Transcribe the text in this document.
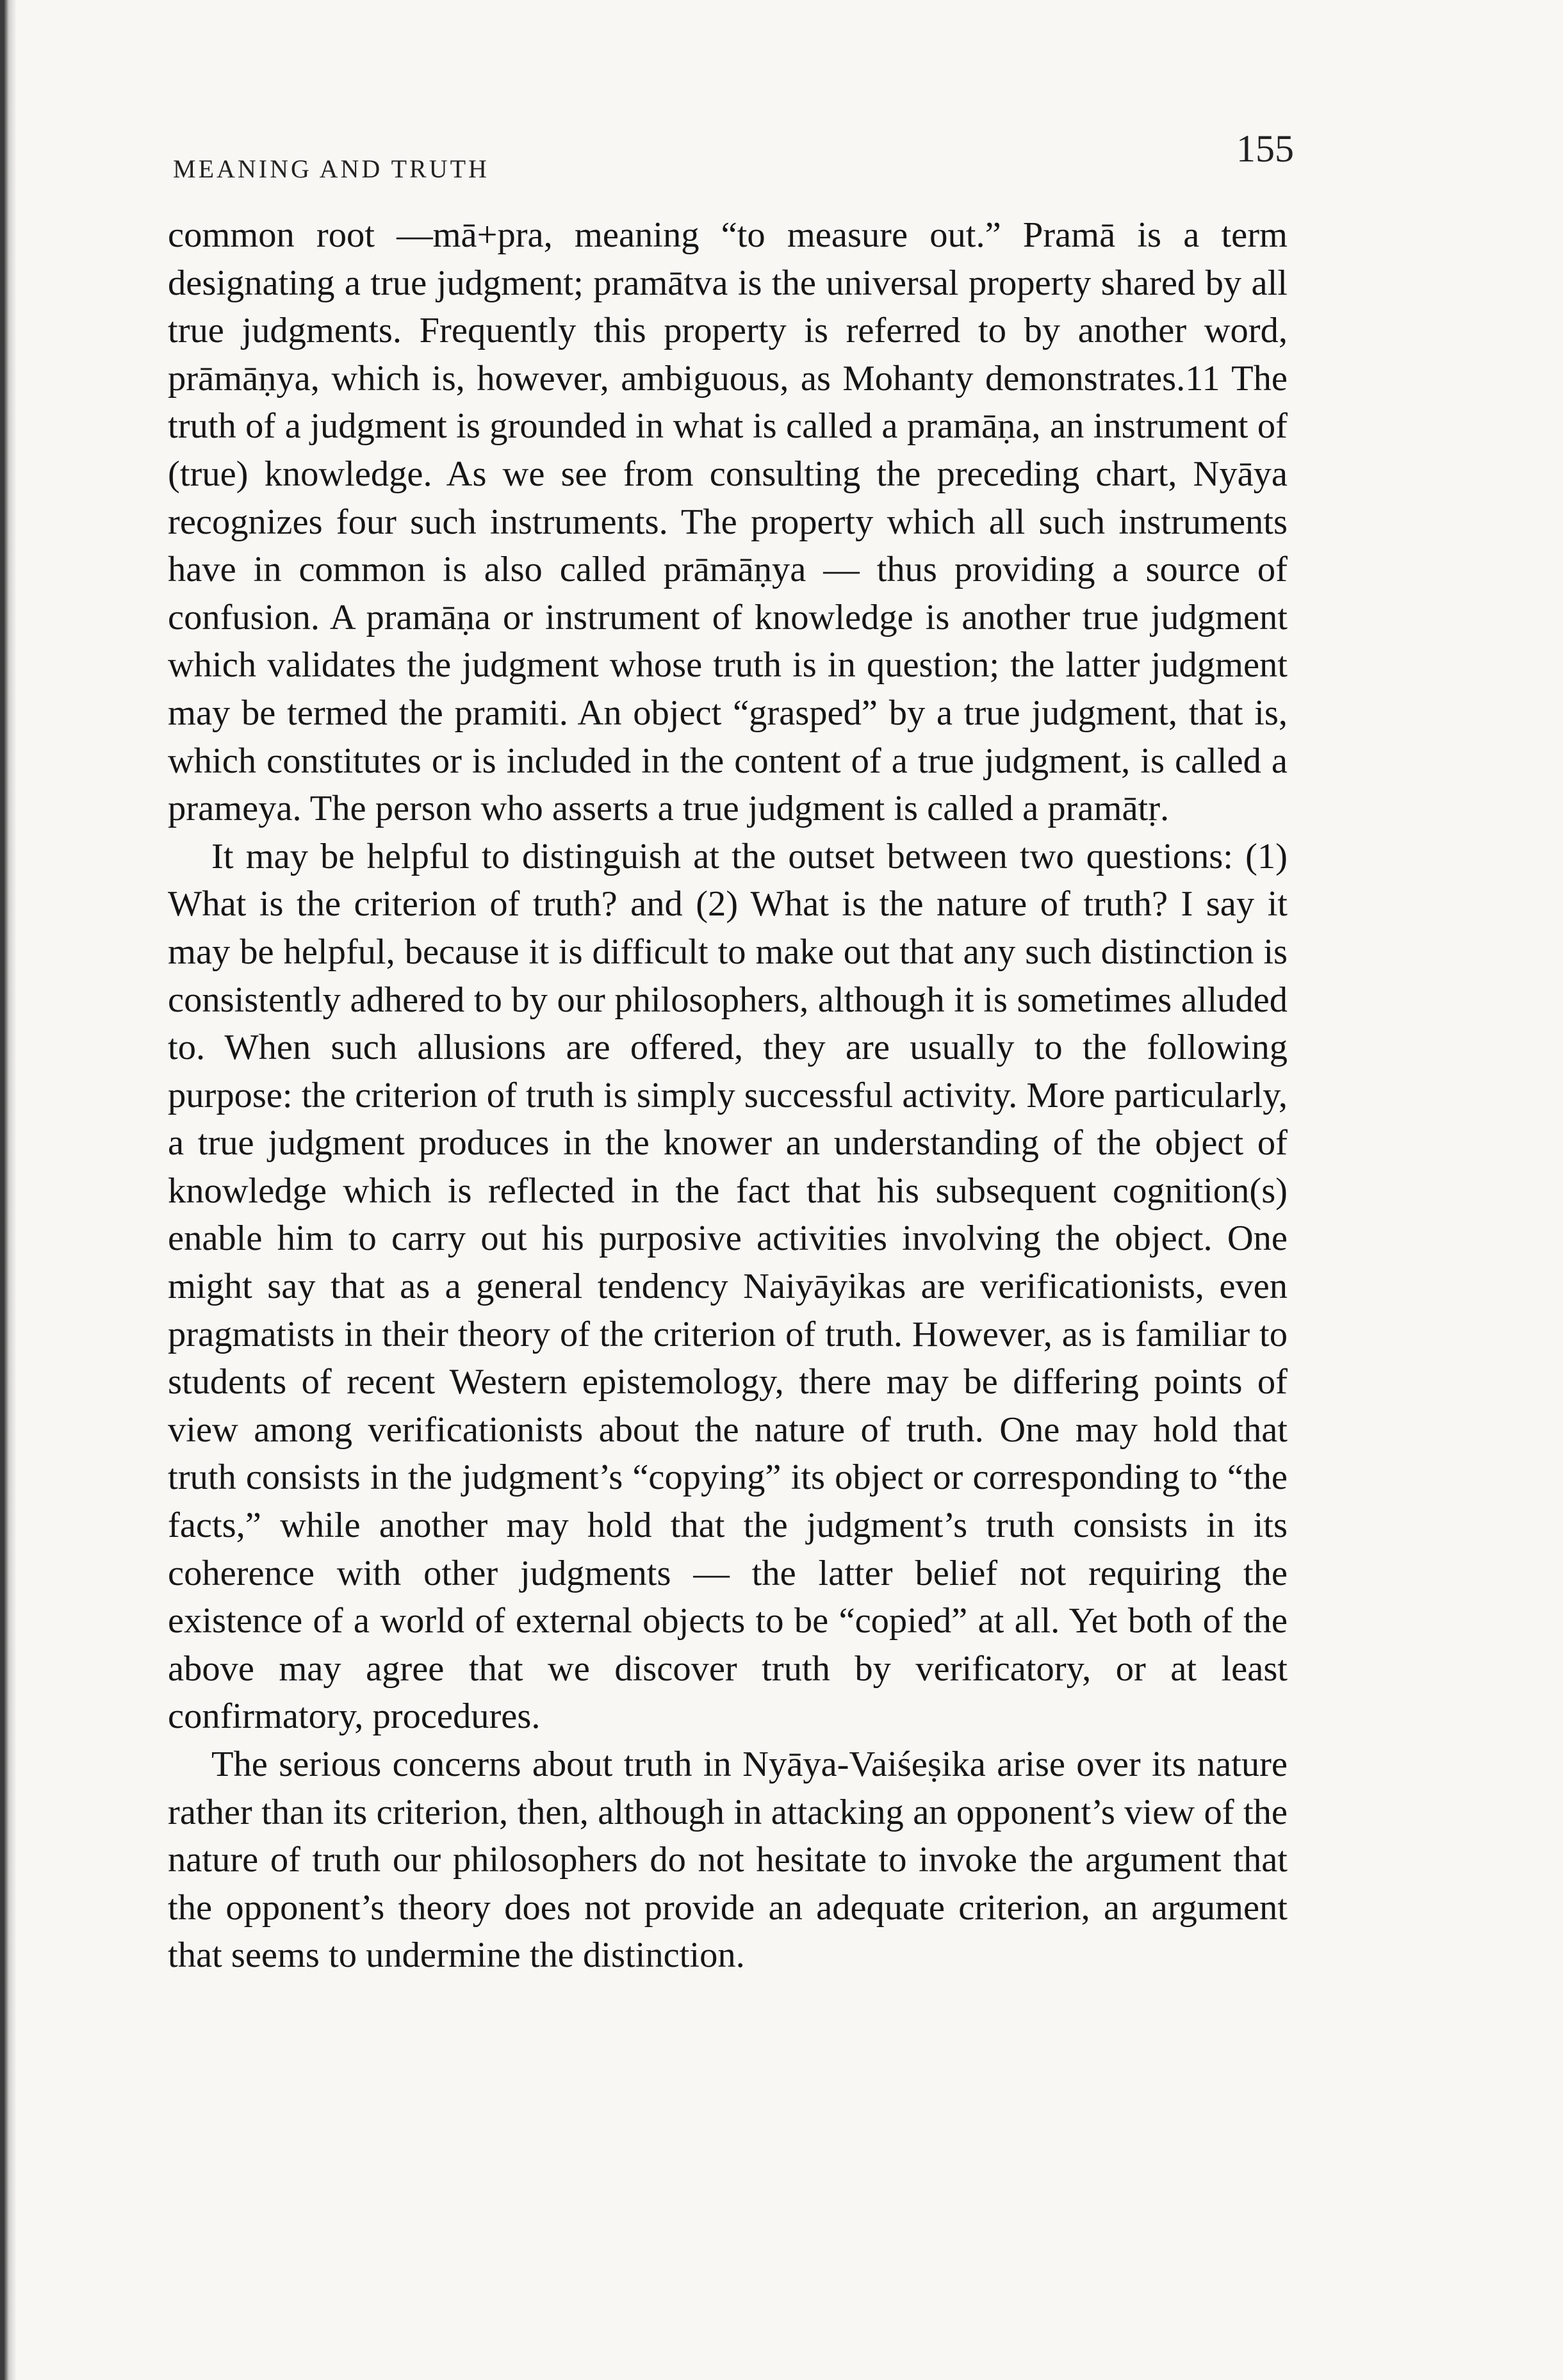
MEANING AND TRUTH	155

common root —mā+pra, meaning “to measure out.” Pramā is a term designating a true judgment; pramātva is the universal property shared by all true judgments. Frequently this property is referred to by another word, prāmāṇya, which is, however, ambiguous, as Mohanty demonstrates.11 The truth of a judgment is grounded in what is called a pramāṇa, an instrument of (true) knowledge. As we see from consulting the preceding chart, Nyāya recognizes four such instruments. The property which all such instruments have in common is also called prāmāṇya — thus providing a source of confusion. A pramāṇa or instrument of knowledge is another true judgment which validates the judgment whose truth is in question; the latter judgment may be termed the pramiti. An object “grasped” by a true judgment, that is, which constitutes or is included in the content of a true judgment, is called a prameya. The person who asserts a true judgment is called a pramātṛ.

It may be helpful to distinguish at the outset between two questions: (1) What is the criterion of truth? and (2) What is the nature of truth? I say it may be helpful, because it is difficult to make out that any such distinction is consistently adhered to by our philosophers, although it is sometimes alluded to. When such allusions are offered, they are usually to the following purpose: the criterion of truth is simply successful activity. More particularly, a true judgment produces in the knower an understanding of the object of knowledge which is reflected in the fact that his subsequent cognition(s) enable him to carry out his purposive activities involving the object. One might say that as a general tendency Naiyāyikas are verificationists, even pragmatists in their theory of the criterion of truth. However, as is familiar to students of recent Western epistemology, there may be differing points of view among verificationists about the nature of truth. One may hold that truth consists in the judgment’s “copying” its object or corresponding to “the facts,” while another may hold that the judgment’s truth consists in its coherence with other judgments — the latter belief not requiring the existence of a world of external objects to be “copied” at all. Yet both of the above may agree that we discover truth by verificatory, or at least confirmatory, procedures.

The serious concerns about truth in Nyāya-Vaiśeṣika arise over its nature rather than its criterion, then, although in attacking an opponent’s view of the nature of truth our philosophers do not hesitate to invoke the argument that the opponent’s theory does not provide an adequate criterion, an argument that seems to undermine the distinction.
